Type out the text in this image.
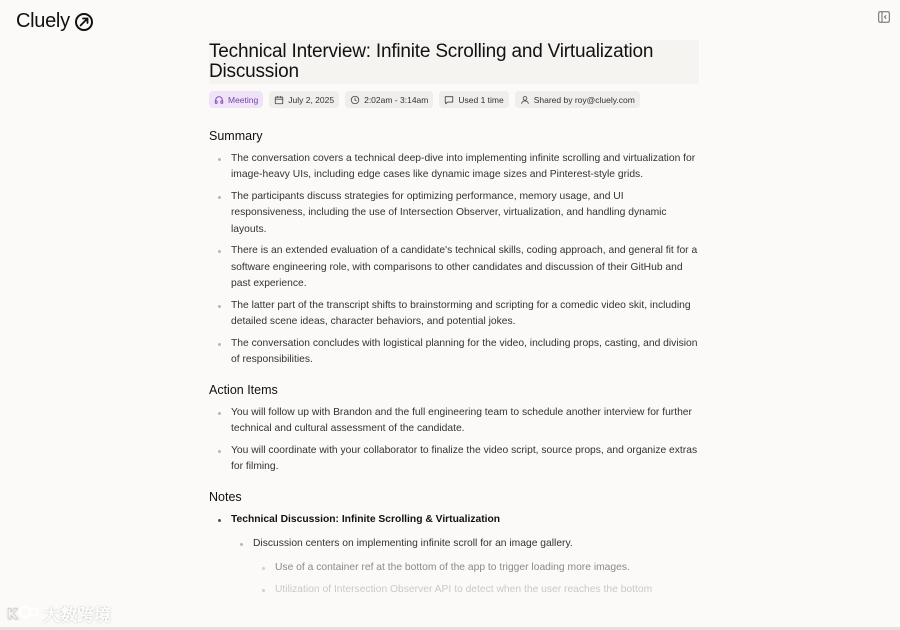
Cluely
Technical Interview: Infinite Scrolling and Virtualization Discussion
Meeting	July 2, 2025	2:02am - 3:14am	Used 1 time	Shared by roy@cluely.com
Summary
The conversation covers a technical deep-dive into implementing infinite scrolling and virtualization for image-heavy UIs, including edge cases like dynamic image sizes and Pinterest-style grids.
The participants discuss strategies for optimizing performance, memory usage, and UI responsiveness, including the use of Intersection Observer, virtualization, and handling dynamic layouts.
There is an extended evaluation of a candidate's technical skills, coding approach, and general fit for a software engineering role, with comparisons to other candidates and discussion of their GitHub and past experience.
The latter part of the transcript shifts to brainstorming and scripting for a comedic video skit, including detailed scene ideas, character behaviors, and potential jokes.
The conversation concludes with logistical planning for the video, including props, casting, and division of responsibilities.
Action Items
You will follow up with Brandon and the full engineering team to schedule another interview for further technical and cultural assessment of the candidate.
You will coordinate with your collaborator to finalize the video script, source props, and organize extras for filming.
Notes
Technical Discussion: Infinite Scrolling & Virtualization
Discussion centers on implementing infinite scroll for an image gallery.
Use of a container ref at the bottom of the app to trigger loading more images.
Utilization of Intersection Observer API to detect when the user reaches the bottom
K 大数跨境
